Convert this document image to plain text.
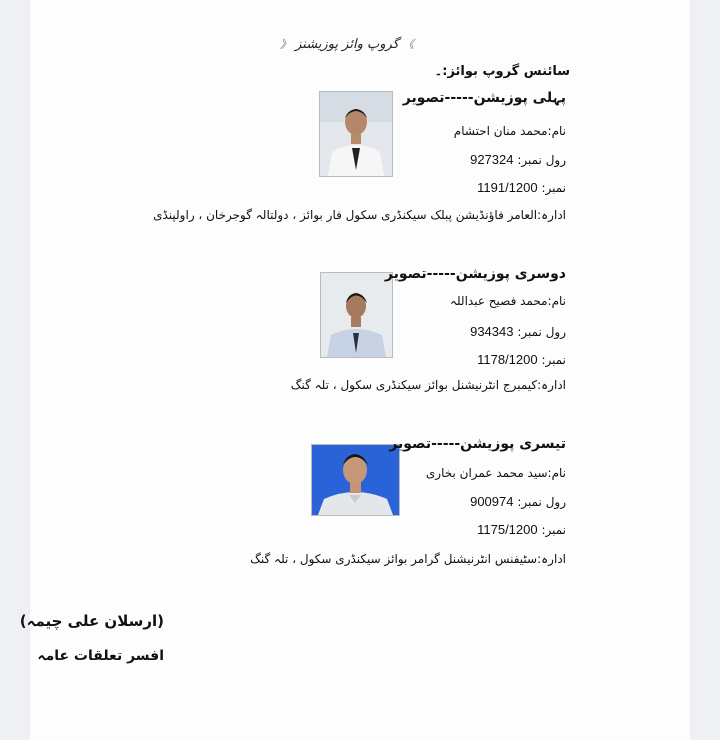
》 گروپ وائز پوزیشنز 《
سائنس گروپ بوائز:۔
پہلی پوزیشن-----تصویر
نام:محمد منان احتشام
رول نمبر: 927324
نمبر: 1191/1200
ادارہ:العامر فاؤنڈیشن پبلک سیکنڈری سکول فار بوائز ، دولتالہ گوجرخان ، راولپنڈی
دوسری پوزیشن-----تصویر
نام:محمد فصیح عبداللہ
رول نمبر: 934343
نمبر: 1178/1200
ادارہ:کیمبرج انٹرنیشنل بوائز سیکنڈری سکول ، تلہ گنگ
تیسری پوزیشن-----تصویر
نام:سید محمد عمران بخاری
رول نمبر: 900974
نمبر: 1175/1200
ادارہ:سٹیفنس انٹرنیشنل گرامر بوائز سیکنڈری سکول ، تلہ گنگ
(ارسلان علی چیمہ)
افسر تعلقات عامہ
